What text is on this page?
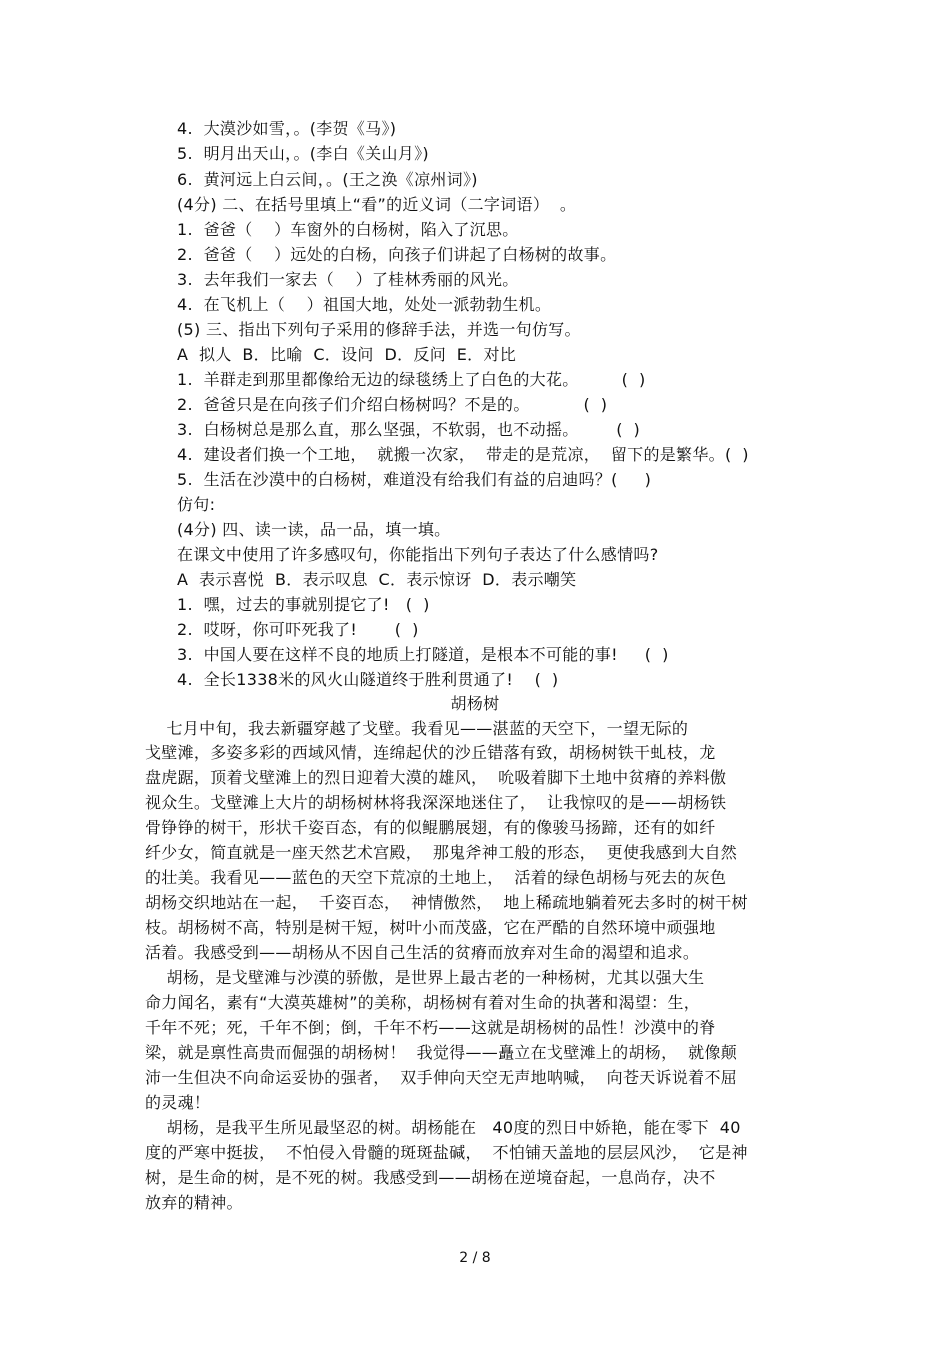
4.  大漠沙如雪，。(李贺《马》)
5.  明月出天山，。(李白《关山月》)
6.  黄河远上白云间，。(王之涣《凉州词》)
(4分) 二、在括号里填上“看”的近义词（二字词语）  。
1.  爸爸（    ）车窗外的白杨树，陷入了沉思。
2.  爸爸（    ）远处的白杨，向孩子们讲起了白杨树的故事。
3.  去年我们一家去（    ）了桂林秀丽的风光。
4.  在飞机上（    ）祖国大地，处处一派勃勃生机。
(5) 三、指出下列句子采用的修辞手法，并选一句仿写。
A  拟人  B．比喻  C．设问  D．反问  E．对比
1.  羊群走到那里都像给无边的绿毯绣上了白色的大花。        (  )
2.  爸爸只是在向孩子们介绍白杨树吗？不是的。          (  )
3.  白杨树总是那么直，那么坚强，不软弱，也不动摇。       (  )
4.  建设者们换一个工地，  就搬一次家，  带走的是荒凉，  留下的是繁华。(  )
5.  生活在沙漠中的白杨树，难道没有给我们有益的启迪吗？(     )
仿句:
(4分) 四、读一读，品一品，填一填。
在课文中使用了许多感叹句，你能指出下列句子表达了什么感情吗?
A  表示喜悦  B．表示叹息  C．表示惊讶  D．表示嘲笑
1.  嘿，过去的事就别提它了!   (  )
2.  哎呀，你可吓死我了!       (  )
3.  中国人要在这样不良的地质上打隧道，是根本不可能的事!     (  )
4.  全长1338米的风火山隧道终于胜利贯通了!    (  )
胡杨树
七月中旬，我去新疆穿越了戈壁。我看见——湛蓝的天空下，一望无际的
戈壁滩，多姿多彩的西域风情，连绵起伏的沙丘错落有致，胡杨树铁干虬枝，龙
盘虎踞，顶着戈壁滩上的烈日迎着大漠的雄风，  吮吸着脚下土地中贫瘠的养料傲
视众生。戈壁滩上大片的胡杨树林将我深深地迷住了，  让我惊叹的是——胡杨铁
骨铮铮的树干，形状千姿百态，有的似鲲鹏展翅，有的像骏马扬蹄，还有的如纤
纤少女，简直就是一座天然艺术宫殿，  那鬼斧神工般的形态，  更使我感到大自然
的壮美。我看见——蓝色的天空下荒凉的土地上，  活着的绿色胡杨与死去的灰色
胡杨交织地站在一起，  千姿百态，  神情傲然，  地上稀疏地躺着死去多时的树干树
枝。胡杨树不高，特别是树干短，树叶小而茂盛，它在严酷的自然环境中顽强地
活着。我感受到——胡杨从不因自己生活的贫瘠而放弃对生命的渴望和追求。
胡杨，是戈壁滩与沙漠的骄傲，是世界上最古老的一种杨树，尤其以强大生
命力闻名，素有“大漠英雄树”的美称，胡杨树有着对生命的执著和渴望：生，
千年不死；死，千年不倒；倒，千年不朽——这就是胡杨树的品性！沙漠中的脊
梁，就是禀性高贵而倔强的胡杨树！  我觉得——矗立在戈壁滩上的胡杨，  就像颠
沛一生但决不向命运妥协的强者，  双手伸向天空无声地呐喊，  向苍天诉说着不屈
的灵魂！
胡杨，是我平生所见最坚忍的树。胡杨能在   40度的烈日中娇艳，能在零下  40
度的严寒中挺拔，  不怕侵入骨髓的斑斑盐碱，  不怕铺天盖地的层层风沙，  它是神
树，是生命的树，是不死的树。我感受到——胡杨在逆境奋起，一息尚存，决不
放弃的精神。
2 / 8
